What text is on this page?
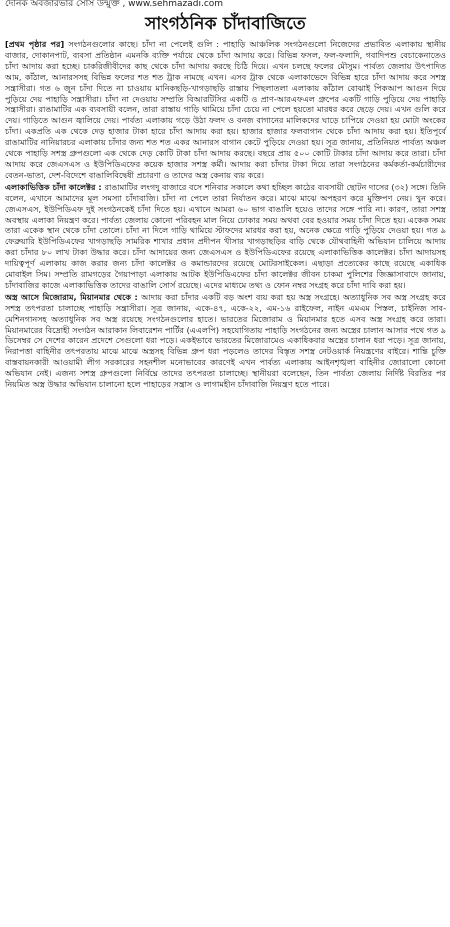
দৈনিক অবজারভার সোর্স উন্মুক্ত , www.sehmazadi.com
সাংগঠনিক চাঁদাবাজিতে

[প্রথম পৃষ্ঠার পর] সংগঠনগুলোর কাছে। চাঁদা না পেলেই গুলি : পাহাড়ি আঞ্চলিক সংগঠনগুলো নিজেদের প্রভাবিত এলাকায় স্থানীয় বাজার, দোকানপাট, ব্যবসা প্রতিষ্ঠান এমনকি ব্যক্তি পর্যায়ে থেকে চাঁদা আদায় করে। বিভিন্ন ফসল, ফল-ফলাদি, গবাদিপশু বেচাকেনাতেও চাঁদা আদায় করা হচ্ছে। চাকরিজীবীদের কাছ থেকে চাঁদা আদায় করছে চিঠি দিয়ে। এখন চলছে ফলের মৌসুম। পার্বত্য জেলায় উৎপাদিত আম, কাঁঠাল, আনারসসহ বিভিন্ন ফলের শত শত ট্রাক নামছে এখন। এসব ট্রাক থেকে এলাকাভেদে বিভিন্ন হারে চাঁদা আদায় করে সশস্ত্র সন্ত্রাসীরা। গত ৬ জুন চাঁদা দিতে না চাওয়ায় মানিকছড়ি-খাগড়াছড়ি রাস্তায় পিছলাতলা এলাকায় কাঁঠাল বোঝাই পিকআপ আগুন দিয়ে পুড়িয়ে দেয় পাহাড়ি সন্ত্রাসীরা। চাঁদা না দেওয়ায় সম্প্রতি বিআরটিসির একটি ও প্রাণ-আরএফএল গ্রুপের একটি গাড়ি পুড়িয়ে দেয় পাহাড়ি সন্ত্রাসীরা। রাঙামাটির এক ব্যবসায়ী বলেন, তারা রাস্তায় গাড়ি থামিয়ে চাঁদা চেয়ে না পেলে হয়তো মারধর করে ছেড়ে দেয়। এখন গুলি করে দেয়। গাড়িতে আগুন জ্বালিয়ে দেয়। পার্বত্য এলাকায় গড়ে উঠা ফলদ ও বনজ বাগানের মালিকদের ঘাড়ে চাপিয়ে দেওয়া হয় মোটা অংকের চাঁদা। একপ্রতি এক থেকে দেড় হাজার টাকা হারে চাঁদা আদায় করা হয়। হাজার হাজার ফলবাগান থেকে চাঁদা আদায় করা হয়। ইতিপূর্বে রাঙামাটির নানিয়ারচর এলাকায় চাঁদার জন্য শত শত একর আনারস বাগান কেটে পুড়িয়ে দেওয়া হয়। সূত্র জানায়, প্রতিনিয়ত পার্বত্য অঞ্চল থেকে পাহাড়ি সশস্ত্র গ্রুপগুলো এক থেকে দেড় কোটি টাকা চাঁদা আদায় করছে। বছরে প্রায় ৫০০ কোটি টাকার চাঁদা আদায় করে তারা। চাঁদা আদায় করে জেএসএস ও ইউপিডিএফের কয়েক হাজার সশস্ত্র কর্মী। আদায় করা চাঁদার টাকা দিয়ে তারা সংগঠনের কর্মকর্তা-কর্মচারীদের বেতন-ভাতা, দেশ-বিদেশে বাঙালিবিদ্বেষী প্রচারণা ও তাদের অস্ত্র কেনায় ব্যয় করে।

এলাকাভিত্তিক চাঁদা কালেক্টর : রাঙামাটির লংগদু বাজারে বসে শনিবার সকালে কথা হচ্ছিল কাঠের ব্যবসায়ী ছোটন দাসের (৩২) সঙ্গে। তিনি বলেন, এখানে আমাদের মূল সমস্যা চাঁদাবাজি। চাঁদা না পেলে তারা নির্যাতন করে। মাঝে মাঝে অপহরণ করে মুক্তিপণ নেয়। খুন করে। জেএসএস, ইউপিডিএফ দুই সংগঠনকেই চাঁদা দিতে হয়। এখানে আমরা ৬০ ভাগ বাঙালি হয়েও তাদের সঙ্গে পারি না। কারণ, তারা সশস্ত্র অবস্থায় এলাকা নিয়ন্ত্রণ করে। পার্বত্য জেলায় কোনো পরিবহন মাল নিয়ে ঢোকার সময় অথবা বের হওয়ার সময় চাঁদা দিতে হয়। একেক সময় তারা একেক স্থান থেকে চাঁদা তোলে। চাঁদা না দিলে গাড়ি থামিয়ে স্টাফদের মারধর করা হয়, অনেক ক্ষেত্রে গাড়ি পুড়িয়ে দেওয়া হয়। গত ৯ ফেব্রুয়ারি ইউপিডিএফের খাগড়াছড়ি সামরিক শাখার প্রধান প্রদীপন খীসার খাগড়াছড়ির বাড়ি থেকে যৌথবাহিনী অভিযান চালিয়ে আদায় করা চাঁদার ৮০ লাখ টাকা উদ্ধার করে। চাঁদা আদায়ের জন্য জেএসএস ও ইউপিডিএফের রয়েছে এলাকাভিত্তিক কালেক্টর। চাঁদা আদায়সহ দায়িত্বপূর্ণ এলাকায় কাজ করার জন্য চাঁদা কালেক্টর ও কমান্ডারদের রয়েছে মোটরসাইকেল। এছাড়া প্রত্যেকের কাছে রয়েছে একাধিক মোবাইল সিম। সম্প্রতি রামগড়ের গৈয়াপাড়া এলাকায় আটক ইউপিডিএফের চাঁদা কালেক্টর জীবন চাকমা পুলিশের জিজ্ঞাসাবাদে জানায়, চাঁদাবাজির কাজে এলাকাভিত্তিক তাদের বাঙালি সোর্স রয়েছে। এদের মাধ্যমে তথ্য ও ফোন নম্বর সংগ্রহ করে চাঁদা দাবি করা হয়।

অস্ত্র আসে মিজোরাম, মিয়ানমার থেকে : আদায় করা চাঁদার একটি বড় অংশ ব্যয় করা হয় অস্ত্র সংগ্রহে। অত্যাধুনিক সব অস্ত্র সংগ্রহ করে সশস্ত্র তৎপরতা চালাচ্ছে পাহাড়ি সন্ত্রাসীরা। সূত্র জানায়, একে-৪৭, একে-২২, এম-১৬ রাইফেল, নাইন এমএম পিস্তল, চাইনিজ সাব-মেশিনগানসহ অত্যাধুনিক সব অস্ত্র রয়েছে সংগঠনগুলোর হাতে। ভারতের মিজোরাম ও মিয়ানমার হতে এসব অস্ত্র সংগ্রহ করে তারা। মিয়ানমারের বিদ্রোহী সংগঠন আরাকান লিবারেশন পার্টির (এএলপি) সহযোগিতায় পাহাড়ি সংগঠনের জন্য অস্ত্রের চালান আসার পথে গত ৯ ডিসেম্বর সে দেশের কারেন প্রদেশে সেগুলো ধরা পড়ে। একইভাবে ভারতের মিজোরামেও একাধিকবার অস্ত্রের চালান ধরা পড়ে। সূত্র জানায়, নিরাপত্তা বাহিনীর তৎপরতায় মাঝে মাঝে অস্ত্রসহ বিভিন্ন গ্রুপ ধরা পড়লেও তাদের বিস্তৃত সশস্ত্র নেটওয়ার্ক নিয়ন্ত্রণের বাইরে। শান্তি চুক্তি বাস্তবায়নকারী আওয়ামী লীগ সরকারের সহনশীল মনোভাবের কারণেই এখন পার্বত্য এলাকায় আইনশৃঙ্খলা বাহিনীর জোরালো কোনো অভিযান নেই। এজন্য সশস্ত্র গ্রুপগুলো নির্বিঘ্নে তাদের তৎপরতা চালাচ্ছে। স্থানীয়রা বলেছেন, তিন পার্বত্য জেলায় নির্দিষ্ট বিরতির পর নিয়মিত অস্ত্র উদ্ধার অভিযান চালানো হলে পাহাড়ের সন্ত্রাস ও লাগামহীন চাঁদাবাজি নিয়ন্ত্রণ হতে পারে।
